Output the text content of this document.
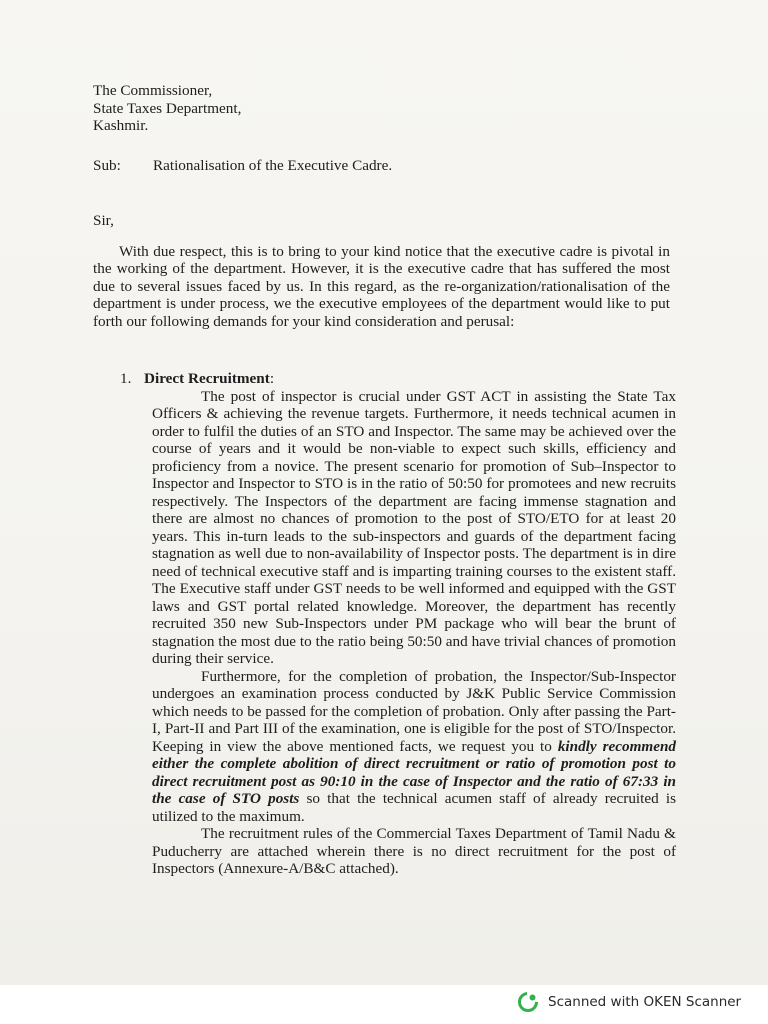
The Commissioner,
State Taxes Department,
Kashmir.
Sub:	Rationalisation of the Executive Cadre.
Sir,
With due respect, this is to bring to your kind notice that the executive cadre is pivotal in the working of the department. However, it is the executive cadre that has suffered the most due to several issues faced by us. In this regard, as the re-organization/rationalisation of the department is under process, we the executive employees of the department would like to put forth our following demands for your kind consideration and perusal:
1. Direct Recruitment:

The post of inspector is crucial under GST ACT in assisting the State Tax Officers & achieving the revenue targets. Furthermore, it needs technical acumen in order to fulfil the duties of an STO and Inspector. The same may be achieved over the course of years and it would be non-viable to expect such skills, efficiency and proficiency from a novice. The present scenario for promotion of Sub–Inspector to Inspector and Inspector to STO is in the ratio of 50:50 for promotees and new recruits respectively. The Inspectors of the department are facing immense stagnation and there are almost no chances of promotion to the post of STO/ETO for at least 20 years. This in-turn leads to the sub-inspectors and guards of the department facing stagnation as well due to non-availability of Inspector posts. The department is in dire need of technical executive staff and is imparting training courses to the existent staff. The Executive staff under GST needs to be well informed and equipped with the GST laws and GST portal related knowledge. Moreover, the department has recently recruited 350 new Sub-Inspectors under PM package who will bear the brunt of stagnation the most due to the ratio being 50:50 and have trivial chances of promotion during their service.

Furthermore, for the completion of probation, the Inspector/Sub-Inspector undergoes an examination process conducted by J&K Public Service Commission which needs to be passed for the completion of probation. Only after passing the Part-I, Part-II and Part III of the examination, one is eligible for the post of STO/Inspector. Keeping in view the above mentioned facts, we request you to kindly recommend either the complete abolition of direct recruitment or ratio of promotion post to direct recruitment post as 90:10 in the case of Inspector and the ratio of 67:33 in the case of STO posts so that the technical acumen staff of already recruited is utilized to the maximum.

The recruitment rules of the Commercial Taxes Department of Tamil Nadu & Puducherry are attached wherein there is no direct recruitment for the post of Inspectors (Annexure-A/B&C attached).

Scanned with OKEN Scanner
